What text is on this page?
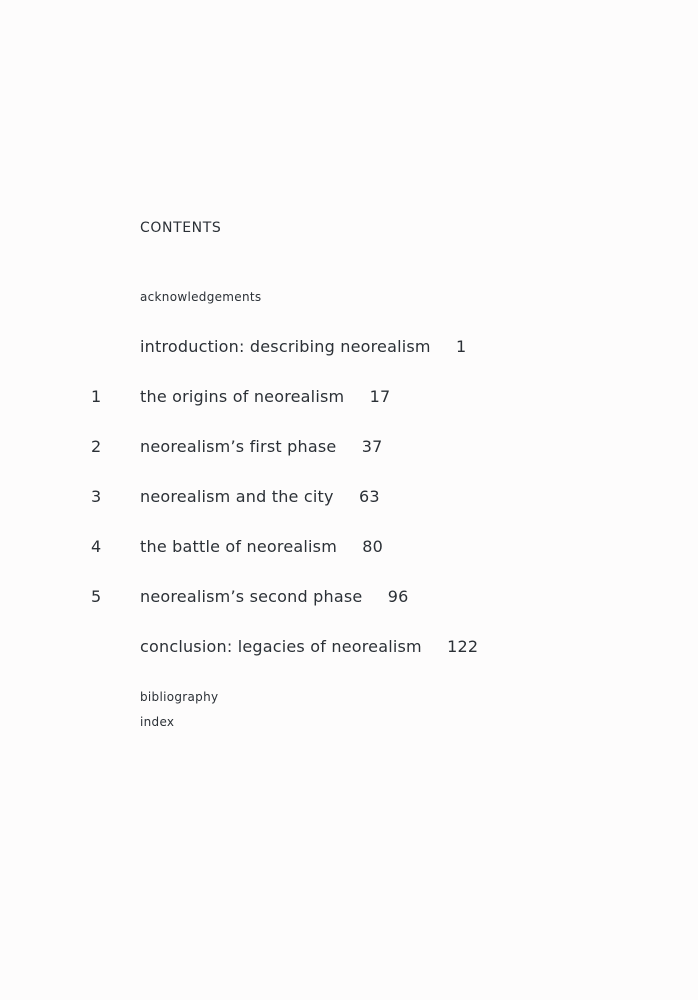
CONTENTS
acknowledgements
introduction: describing neorealism 1
1 the origins of neorealism 17
2 neorealism’s first phase 37
3 neorealism and the city 63
4 the battle of neorealism 80
5 neorealism’s second phase 96
conclusion: legacies of neorealism 122
bibliography
index
